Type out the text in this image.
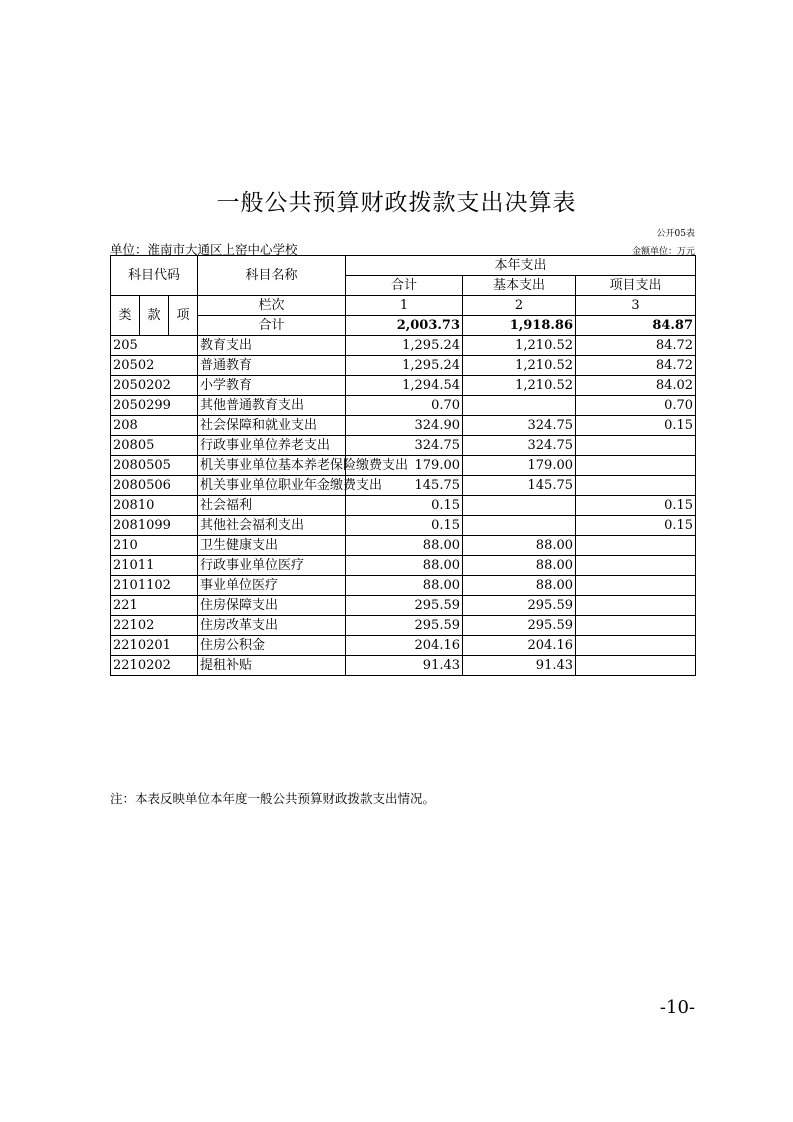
一般公共预算财政拨款支出决算表
公开05表
单位：淮南市大通区上窑中心学校	金额单位：万元
科目代码			科目名称	本年支出		
				合计	基本支出	项目支出
类	款	项	栏次	1	2	3
			合计	2,003.73	1,918.86	84.87
205			教育支出	1,295.24	1,210.52	84.72
20502			普通教育	1,295.24	1,210.52	84.72
2050202			小学教育	1,294.54	1,210.52	84.02
2050299			其他普通教育支出	0.70		0.70
208			社会保障和就业支出	324.90	324.75	0.15
20805			行政事业单位养老支出	324.75	324.75	
2080505			机关事业单位基本养老保险缴费支出	179.00	179.00	
2080506			机关事业单位职业年金缴费支出	145.75	145.75	
20810			社会福利	0.15		0.15
2081099			其他社会福利支出	0.15		0.15
210			卫生健康支出	88.00	88.00	
21011			行政事业单位医疗	88.00	88.00	
2101102			事业单位医疗	88.00	88.00	
221			住房保障支出	295.59	295.59	
22102			住房改革支出	295.59	295.59	
2210201			住房公积金	204.16	204.16	
2210202			提租补贴	91.43	91.43	
注：本表反映单位本年度一般公共预算财政拨款支出情况。
-10-
